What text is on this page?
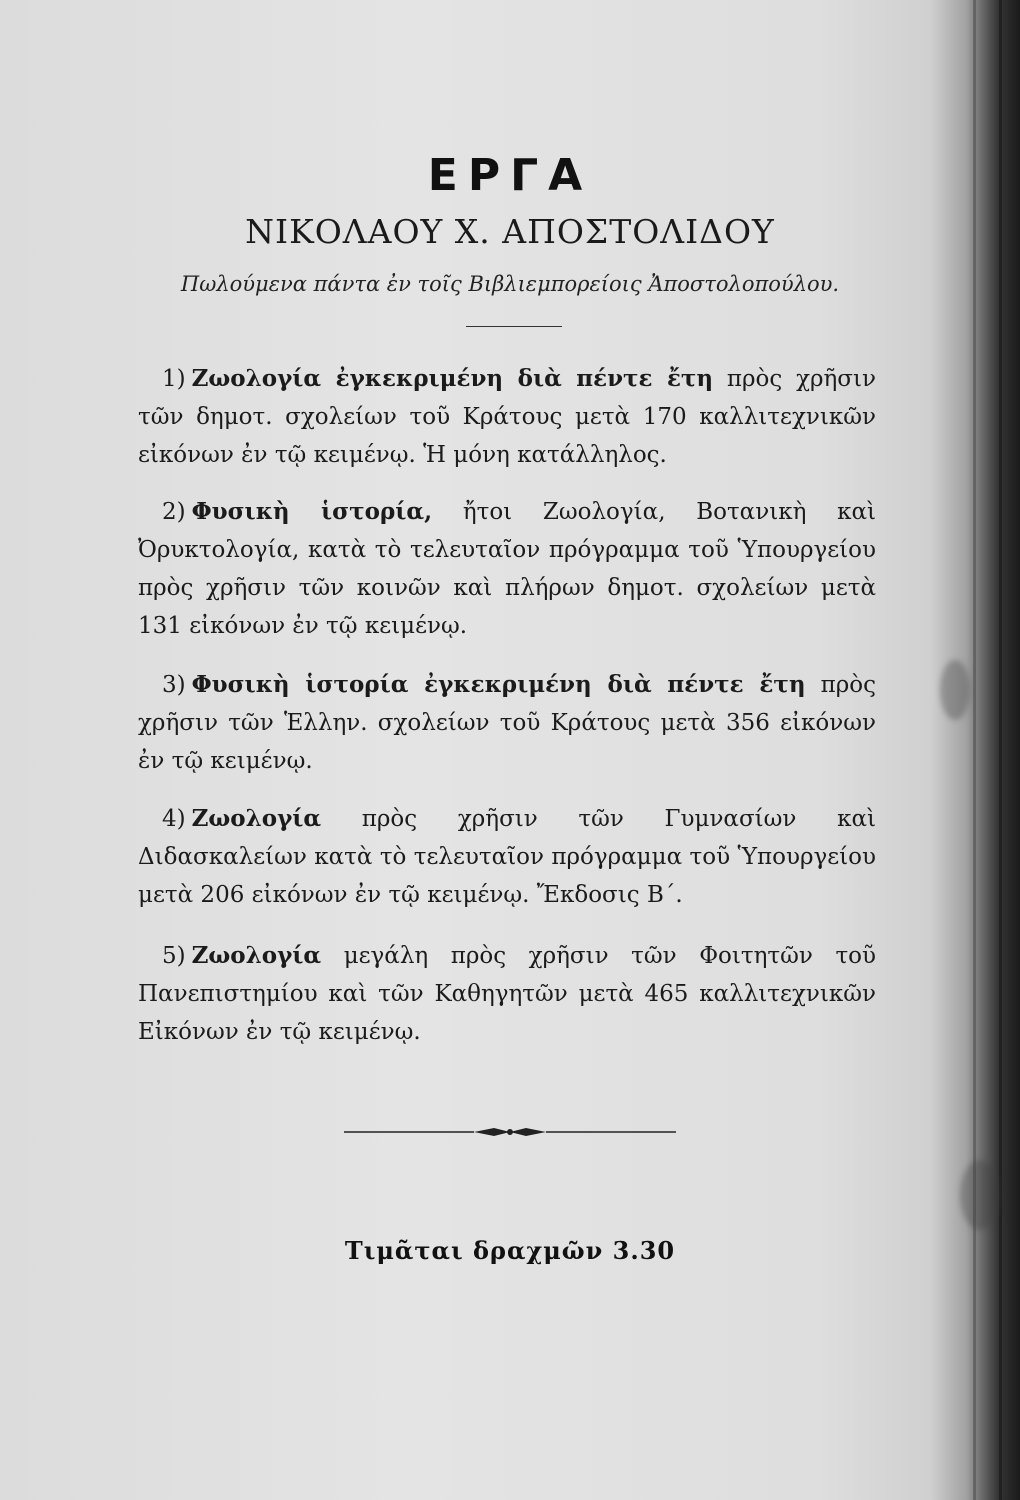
ΕΡΓΑ
ΝΙΚΟΛΑΟΥ Χ. ΑΠΟΣΤΟΛΙΔΟΥ
Πωλούμενα πάντα ἐν τοῖς Βιβλιεμπορείοις Ἀποστολοπούλου.
1) Ζωολογία ἐγκεκριμένη διὰ πέντε ἔτη πρὸς χρῆσιν τῶν δημοτ. σχολείων τοῦ Κράτους μετὰ 170 καλλιτεχνικῶν εἰκόνων ἐν τῷ κειμένῳ. Ἡ μόνη κατάλληλος.
2) Φυσικὴ ἱστορία, ἤτοι Ζωολογία, Βοτανικὴ καὶ Ὀρυκτολογία, κατὰ τὸ τελευταῖον πρόγραμμα τοῦ Ὑπουργείου πρὸς χρῆσιν τῶν κοινῶν καὶ πλήρων δημοτ. σχολείων μετὰ 131 εἰκόνων ἐν τῷ κειμένῳ.
3) Φυσικὴ ἱστορία ἐγκεκριμένη διὰ πέντε ἔτη πρὸς χρῆσιν τῶν Ἑλλην. σχολείων τοῦ Κράτους μετὰ 356 εἰκόνων ἐν τῷ κειμένῳ.
4) Ζωολογία πρὸς χρῆσιν τῶν Γυμνασίων καὶ Διδασκαλείων κατὰ τὸ τελευταῖον πρόγραμμα τοῦ Ὑπουργείου μετὰ 206 εἰκόνων ἐν τῷ κειμένῳ. Ἔκδοσις Β΄.
5) Ζωολογία μεγάλη πρὸς χρῆσιν τῶν Φοιτητῶν τοῦ Πανεπιστημίου καὶ τῶν Καθηγητῶν μετὰ 465 καλλιτεχνικῶν Εἰκόνων ἐν τῷ κειμένῳ.
Τιμᾶται δραχμῶν 3.30
